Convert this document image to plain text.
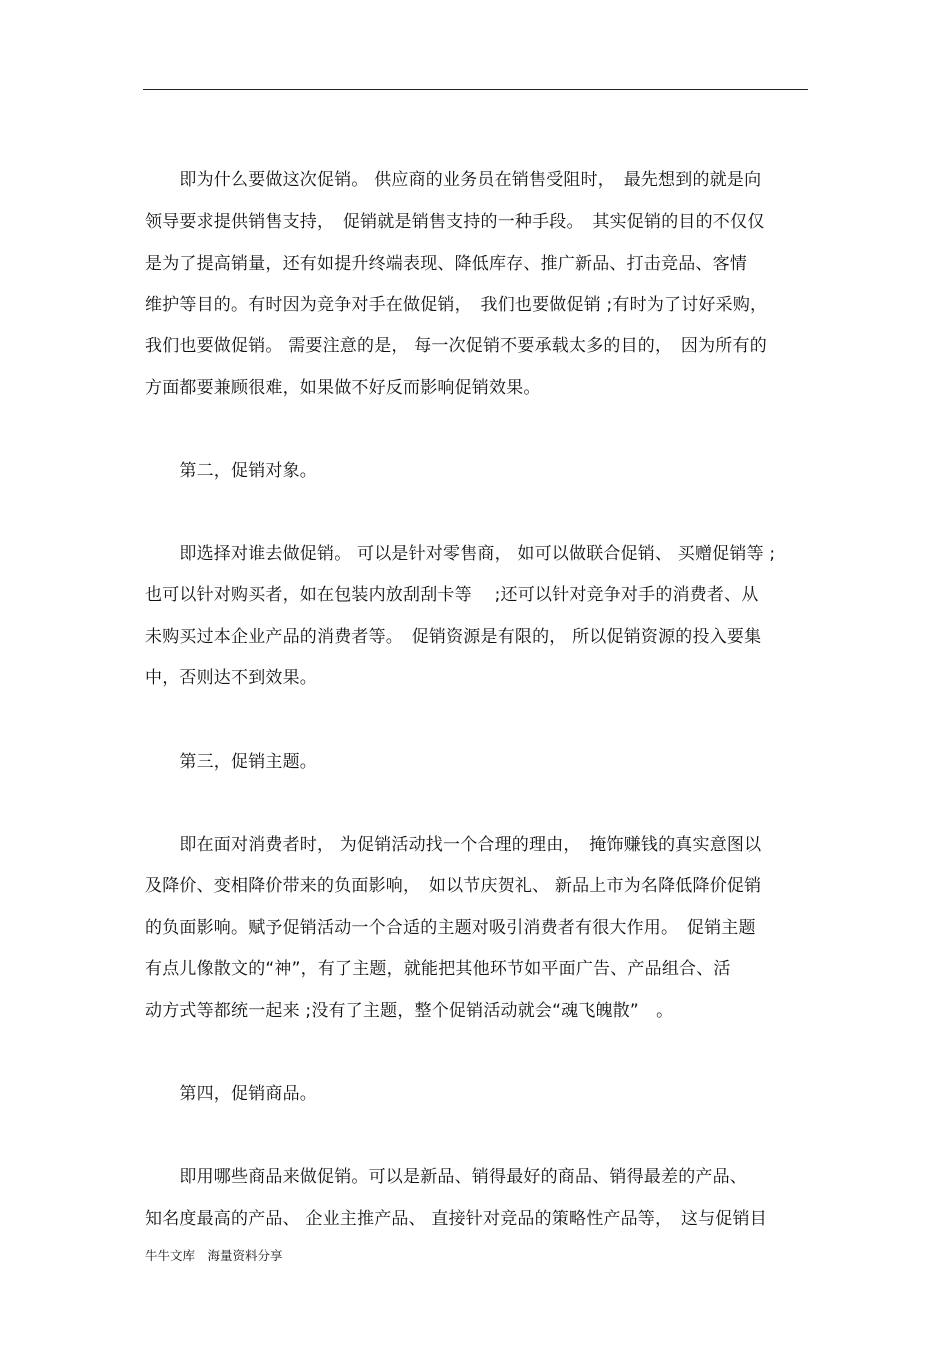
　　即为什么要做这次促销。 供应商的业务员在销售受阻时，　最先想到的就是向
领导要求提供销售支持，　促销就是销售支持的一种手段。　其实促销的目的不仅仅
是为了提高销量，还有如提升终端表现、降低库存、推广新品、打击竞品、客情
维护等目的。有时因为竞争对手在做促销，　我们也要做促销 ;有时为了讨好采购，
我们也要做促销。 需要注意的是， 每一次促销不要承载太多的目的，　因为所有的
方面都要兼顾很难，如果做不好反而影响促销效果。
　　第二，促销对象。
　　即选择对谁去做促销。 可以是针对零售商， 如可以做联合促销、 买赠促销等 ;
也可以针对购买者，如在包装内放刮刮卡等　 ;还可以针对竞争对手的消费者、从
未购买过本企业产品的消费者等。　促销资源是有限的， 所以促销资源的投入要集
中，否则达不到效果。
　　第三，促销主题。
　　即在面对消费者时， 为促销活动找一个合理的理由，　掩饰赚钱的真实意图以
及降价、变相降价带来的负面影响，　如以节庆贺礼、 新品上市为名降低降价促销
的负面影响。赋予促销活动一个合适的主题对吸引消费者有很大作用。　促销主题
有点儿像散文的“神”，有了主题，就能把其他环节如平面广告、产品组合、活
动方式等都统一起来 ;没有了主题，整个促销活动就会“魂飞魄散”　。
　　第四，促销商品。
　　即用哪些商品来做促销。可以是新品、销得最好的商品、销得最差的产品、
知名度最高的产品、 企业主推产品、 直接针对竞品的策略性产品等，　这与促销目
牛牛文库　海量资料分享
